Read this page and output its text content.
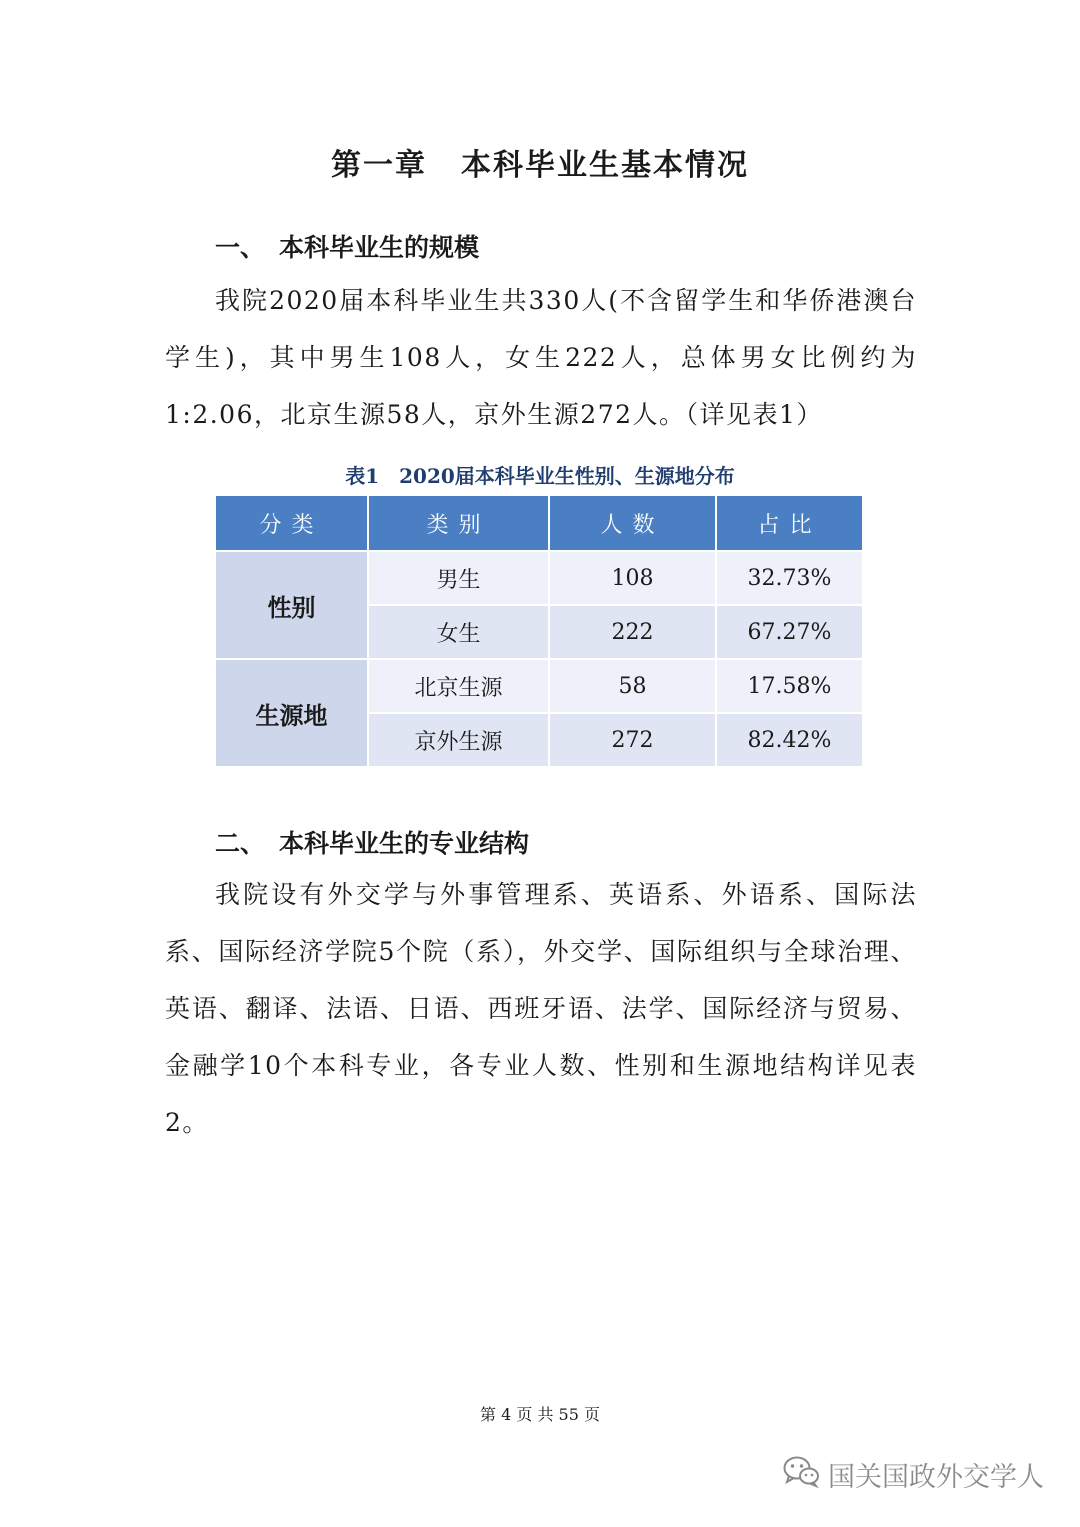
第一章 本科毕业生基本情况
一、 本科毕业生的规模
我院2020届本科毕业生共330人(不含留学生和华侨港澳台学生)，其中男生108人，女生222人，总体男女比例约为1:2.06，北京生源58人，京外生源272人。（详见表1）
表1 2020届本科毕业生性别、生源地分布
分类	类别	人数	占比
性别	男生	108	32.73%
	女生	222	67.27%
生源地	北京生源	58	17.58%
	京外生源	272	82.42%
二、 本科毕业生的专业结构
我院设有外交学与外事管理系、英语系、外语系、国际法系、国际经济学院5个院（系），外交学、国际组织与全球治理、英语、翻译、法语、日语、西班牙语、法学、国际经济与贸易、金融学10个本科专业，各专业人数、性别和生源地结构详见表2。
第 4 页 共 55 页
国关国政外交学人
